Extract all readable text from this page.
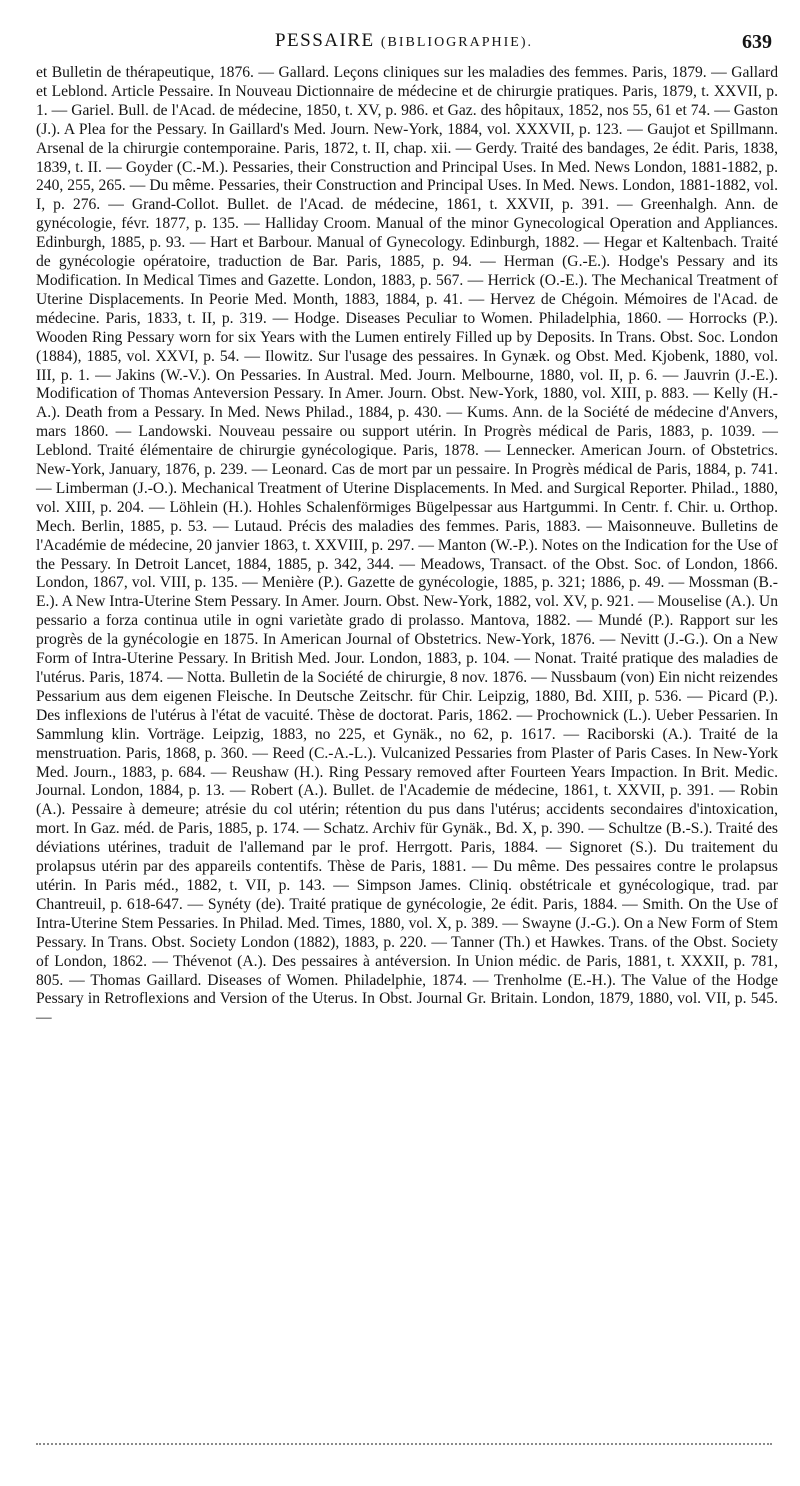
PESSAIRE (BIBLIOGRAPHIE).	639

et Bulletin de thérapeutique, 1876. — Gallard. Leçons cliniques sur les maladies des femmes. Paris, 1879. — Gallard et Leblond. Article Pessaire. In Nouveau Dictionnaire de médecine et de chirurgie pratiques. Paris, 1879, t. XXVII, p. 1. — Gariel. Bull. de l'Acad. de médecine, 1850, t. XV, p. 986. et Gaz. des hôpitaux, 1852, nos 55, 61 et 74. — Gaston (J.). A Plea for the Pessary. In Gaillard's Med. Journ. New-York, 1884, vol. XXXVII, p. 123. — Gaujot et Spillmann. Arsenal de la chirurgie contemporaine. Paris, 1872, t. II, chap. xii. — Gerdy. Traité des bandages, 2e édit. Paris, 1838, 1839, t. II. — Goyder (C.-M.). Pessaries, their Construction and Principal Uses. In Med. News London, 1881-1882, p. 240, 255, 265. — Du même. Pessaries, their Construction and Principal Uses. In Med. News. London, 1881-1882, vol. I, p. 276. — Grand-Collot. Bullet. de l'Acad. de médecine, 1861, t. XXVII, p. 391. — Greenhalgh. Ann. de gynécologie, févr. 1877, p. 135. — Halliday Croom. Manual of the minor Gynecological Operation and Appliances. Edinburgh, 1885, p. 93. — Hart et Barbour. Manual of Gynecology. Edinburgh, 1882. — Hegar et Kaltenbach. Traité de gynécologie opératoire, traduction de Bar. Paris, 1885, p. 94. — Herman (G.-E.). Hodge's Pessary and its Modification. In Medical Times and Gazette. London, 1883, p. 567. — Herrick (O.-E.). The Mechanical Treatment of Uterine Displacements. In Peorie Med. Month, 1883, 1884, p. 41. — Hervez de Chégoin. Mémoires de l'Acad. de médecine. Paris, 1833, t. II, p. 319. — Hodge. Diseases Peculiar to Women. Philadelphia, 1860. — Horrocks (P.). Wooden Ring Pessary worn for six Years with the Lumen entirely Filled up by Deposits. In Trans. Obst. Soc. London (1884), 1885, vol. XXVI, p. 54. — Ilowitz. Sur l'usage des pessaires. In Gynæk. og Obst. Med. Kjobenk, 1880, vol. III, p. 1. — Jakins (W.-V.). On Pessaries. In Austral. Med. Journ. Melbourne, 1880, vol. II, p. 6. — Jauvrin (J.-E.). Modification of Thomas Anteversion Pessary. In Amer. Journ. Obst. New-York, 1880, vol. XIII, p. 883. — Kelly (H.-A.). Death from a Pessary. In Med. News Philad., 1884, p. 430. — Kums. Ann. de la Société de médecine d'Anvers, mars 1860. — Landowski. Nouveau pessaire ou support utérin. In Progrès médical de Paris, 1883, p. 1039. — Leblond. Traité élémentaire de chirurgie gynécologique. Paris, 1878. — Lennecker. American Journ. of Obstetrics. New-York, January, 1876, p. 239. — Leonard. Cas de mort par un pessaire. In Progrès médical de Paris, 1884, p. 741. — Limberman (J.-O.). Mechanical Treatment of Uterine Displacements. In Med. and Surgical Reporter. Philad., 1880, vol. XIII, p. 204. — Löhlein (H.). Hohles Schalenförmiges Bügelpessar aus Hartgummi. In Centr. f. Chir. u. Orthop. Mech. Berlin, 1885, p. 53. — Lutaud. Précis des maladies des femmes. Paris, 1883. — Maisonneuve. Bulletins de l'Académie de médecine, 20 janvier 1863, t. XXVIII, p. 297. — Manton (W.-P.). Notes on the Indication for the Use of the Pessary. In Detroit Lancet, 1884, 1885, p. 342, 344. — Meadows, Transact. of the Obst. Soc. of London, 1866. London, 1867, vol. VIII, p. 135. — Menière (P.). Gazette de gynécologie, 1885, p. 321; 1886, p. 49. — Mossman (B.-E.). A New Intra-Uterine Stem Pessary. In Amer. Journ. Obst. New-York, 1882, vol. XV, p. 921. — Mouselise (A.). Un pessario a forza continua utile in ogni varietàte grado di prolasso. Mantova, 1882. — Mundé (P.). Rapport sur les progrès de la gynécologie en 1875. In American Journal of Obstetrics. New-York, 1876. — Nevitt (J.-G.). On a New Form of Intra-Uterine Pessary. In British Med. Jour. London, 1883, p. 104. — Nonat. Traité pratique des maladies de l'utérus. Paris, 1874. — Notta. Bulletin de la Société de chirurgie, 8 nov. 1876. — Nussbaum (von) Ein nicht reizendes Pessarium aus dem eigenen Fleische. In Deutsche Zeitschr. für Chir. Leipzig, 1880, Bd. XIII, p. 536. — Picard (P.). Des inflexions de l'utérus à l'état de vacuité. Thèse de doctorat. Paris, 1862. — Prochownick (L.). Ueber Pessarien. In Sammlung klin. Vorträge. Leipzig, 1883, no 225, et Gynäk., no 62, p. 1617. — Raciborski (A.). Traité de la menstruation. Paris, 1868, p. 360. — Reed (C.-A.-L.). Vulcanized Pessaries from Plaster of Paris Cases. In New-York Med. Journ., 1883, p. 684. — Reushaw (H.). Ring Pessary removed after Fourteen Years Impaction. In Brit. Medic. Journal. London, 1884, p. 13. — Robert (A.). Bullet. de l'Academie de médecine, 1861, t. XXVII, p. 391. — Robin (A.). Pessaire à demeure; atrésie du col utérin; rétention du pus dans l'utérus; accidents secondaires d'intoxication, mort. In Gaz. méd. de Paris, 1885, p. 174. — Schatz. Archiv für Gynäk., Bd. X, p. 390. — Schultze (B.-S.). Traité des déviations utérines, traduit de l'allemand par le prof. Herrgott. Paris, 1884. — Signoret (S.). Du traitement du prolapsus utérin par des appareils contentifs. Thèse de Paris, 1881. — Du même. Des pessaires contre le prolapsus utérin. In Paris méd., 1882, t. VII, p. 143. — Simpson James. Cliniq. obstétricale et gynécologique, trad. par Chantreuil, p. 618-647. — Synéty (de). Traité pratique de gynécologie, 2e édit. Paris, 1884. — Smith. On the Use of Intra-Uterine Stem Pessaries. In Philad. Med. Times, 1880, vol. X, p. 389. — Swayne (J.-G.). On a New Form of Stem Pessary. In Trans. Obst. Society London (1882), 1883, p. 220. — Tanner (Th.) et Hawkes. Trans. of the Obst. Society of London, 1862. — Thévenot (A.). Des pessaires à antéversion. In Union médic. de Paris, 1881, t. XXXII, p. 781, 805. — Thomas Gaillard. Diseases of Women. Philadelphie, 1874. — Trenholme (E.-H.). The Value of the Hodge Pessary in Retroflexions and Version of the Uterus. In Obst. Journal Gr. Britain. London, 1879, 1880, vol. VII, p. 545. —
